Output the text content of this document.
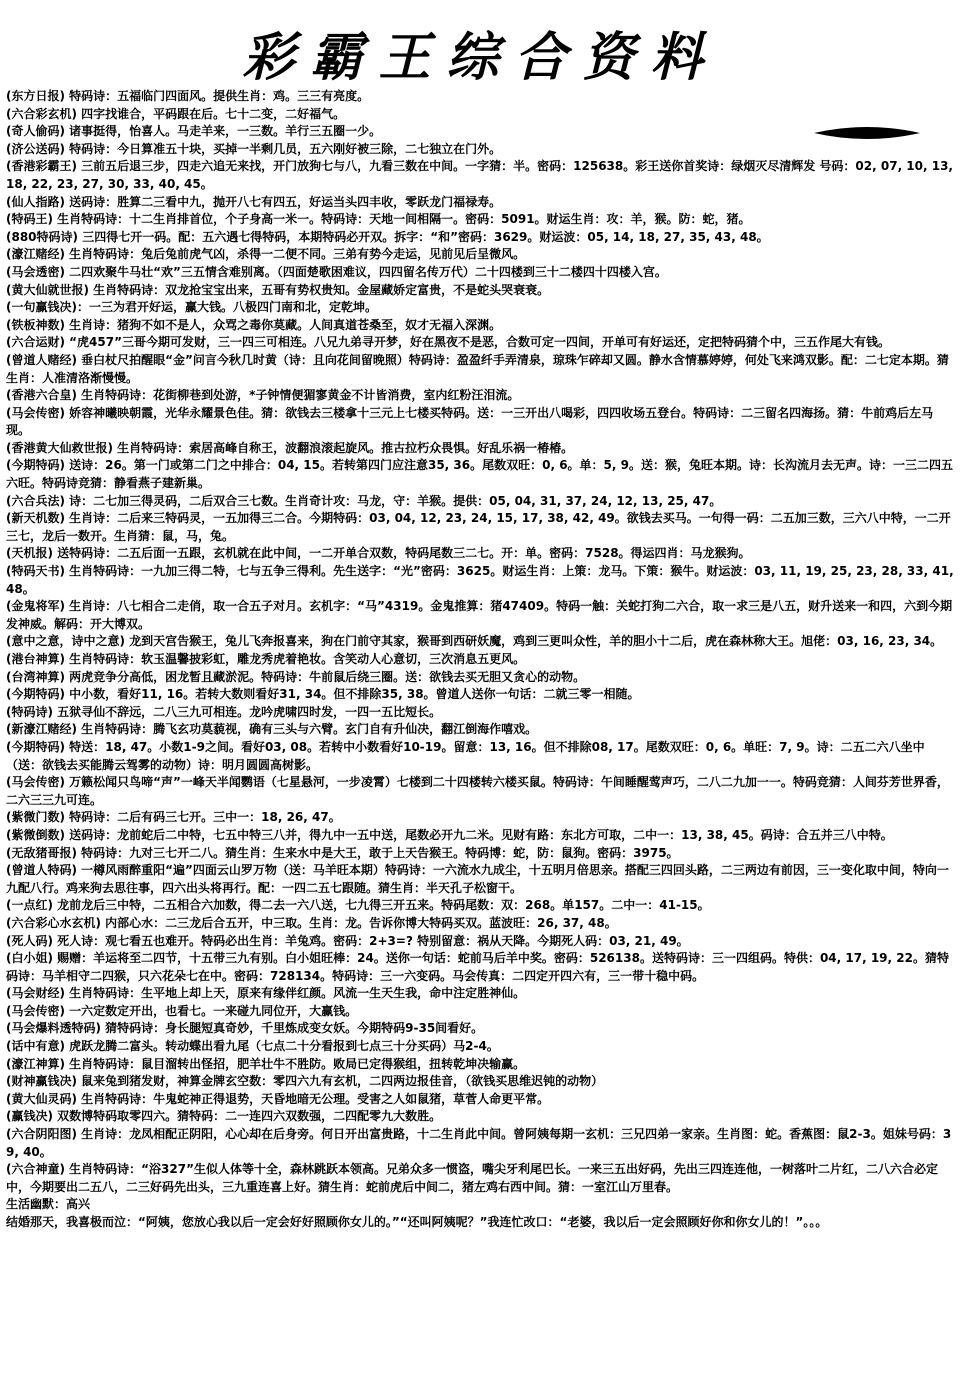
彩霸王综合资料

(东方日报) 特码诗：五福临门四面风。提供生肖：鸡。三三有亮度。

(六合彩玄机) 四字找谁合，平码跟在后。七十二变，二好福气。

(奇人偷码) 诸事挺得，怡喜人。马走羊来，一三数。羊行三五圈一少。

(济公送码) 特码诗：今日算准五十块，买掉一半剩几员，五六刚好被三除，二七独立在门外。

(香港彩霸王) 三前五后退三步，四走六追无来找，开门放狗七与八，九看三数在中间。一字猜：半。密码：125638。彩王送你首奖诗：绿烟灭尽清辉发 号码：02, 07, 10, 13, 18, 22, 23, 27, 30, 33, 40, 45。

(仙人指路) 送码诗：胜算二三看中九，抛开八七有四五，好运当头四丰收，零跃龙门福禄寿。

(特码王) 生肖特码诗：十二生肖排首位，个子身高一米一。特码诗：天地一间相隔一。密码：5091。财运生肖：攻：羊，猴。防：蛇，猪。

(880特码诗) 三四得七开一码。配：五六遇七得特码，本期特码必开双。拆字：“和”密码：3629。财运波：05, 14, 18, 27, 35, 43, 48。

(濠江赌经) 生肖特码诗：兔后兔前虎气凶，杀得一二便不同。三弟有势今走运，见前见后呈微风。

(马会透密) 二四欢聚牛马壮“欢”三五情含难别离。（四面楚歌困难议，四四留名传万代）二十四楼到三十二楼四十四楼入宫。

(黄大仙就世报) 生肖特码诗：双龙抢宝宝出来，五哥有势权贵知。金屋藏娇定富贵，不是蛇头哭衰衰。

(一句赢钱决)：一三为君开好运，赢大钱。八极四门南和北，定乾坤。

(铁板神数) 生肖诗：猪狗不如不是人，众骂之毒你莫藏。人间真道苍桑至，奴才无福入深渊。

(六合运财) “虎457”三哥今期可发财，三一四三可相连。八兄九弟寻开梦，好在黑夜不是恶，合数可定一四间，开单可有好运还，定把特码猜个中，三五作尾大有钱。

(曾道人赌经) 垂白杖尺拍醒眼“金”问言今秋几时黄（诗：且向花间留晚照）特码诗：盈盈纤手弄清泉，琼珠乍碎却又圆。静水含情慕婷婷，何处飞来鸿双影。配：二七定本期。猜生肖：人准清洛渐慢慢。

(香港六合皇) 生肖特码诗：花街柳巷到处游，*子钟情便猸寥黄金不计皆消费，室内红粉汪泪流。

(马会传密) 娇容神曦映朝霞，光华永耀景色佳。猜：欲钱去三楼拿十三元上七楼买特码。送：一三开出八喝彩，四四收场五登台。特码诗：二三留名四海扬。猜：牛前鸡后左马现。

(香港黄大仙救世报) 生肖特码诗：索居高峰自称王，波翻浪滚起旋风。推古拉朽众畏惧。好乱乐祸一椿椿。

(今期特码) 送诗：26。第一门或第二门之中排合：04, 15。若转第四门应注意35, 36。尾数双旺：0, 6。单：5, 9。送：猴，兔旺本期。诗：长沟流月去无声。诗：一三二四五六旺。特码诗竞猜：静看燕子建新巢。

(六合兵法) 诗：二七加三得灵码，二后双合三七数。生肖奇计攻：马龙，守：羊猴。提供：05, 04, 31, 37, 24, 12, 13, 25, 47。

(新天机数) 生肖诗：二后来三特码灵，一五加得三二合。今期特码：03, 04, 12, 23, 24, 15, 17, 38, 42, 49。欲钱去买马。一句得一码：二五加三数，三六八中特，一二开三七，龙后一数开。生肖猜：鼠，马，兔。

(天机报) 送特码诗：二五后面一五跟，玄机就在此中间，一二开单合双数，特码尾数三二七。开：单。密码：7528。得运四肖：马龙猴狗。

(特码天书) 生肖特码诗：一九加三得二特，七与五争三得利。先生送字：“光”密码：3625。财运生肖：上策：龙马。下策：猴牛。财运波：03, 11, 19, 25, 23, 28, 33, 41, 48。

(金鬼将军) 生肖诗：八七相合二走俏，取一合五子对月。玄机字：“马”4319。金鬼推算：猪47409。特码一触：关蛇打狗二六合，取一求三是八五，财升送来一和四，六到今期发神威。解码：开大博双。

(意中之意，诗中之意) 龙到天宫告猴王，兔儿飞奔报喜来，狗在门前守其家，猴哥到西研妖魔，鸡到三更叫众性，羊的胆小十二后，虎在森林称大王。旭佬：03, 16, 23, 34。

(港台神算) 生肖特码诗：软玉温馨披彩虹，雕龙秀虎着艳妆。含笑动人心意切，三次消息五更风。

(台湾神算) 两虎竞争分高低，困龙暂且藏淤泥。特码诗：牛前鼠后绕三圈。送：欲钱去买无胆又贪心的动物。

(今期特码) 中小数，看好11, 16。若转大数则看好31, 34。但不排除35, 38。曾道人送你一句话：二就三零一相随。

(特码诗) 五狱寻仙不辞远，二八三九可相连。龙吟虎啸四时发，一四一五比短长。

(新濠江赌经) 生肖特码诗：腾飞玄功莫藐视，确有三头与六臂。玄门自有升仙决，翻江倒海作嘻戏。

(今期特码) 特送：18, 47。小数1-9之间。看好03, 08。若转中小数看好10-19。留意：13, 16。但不排除08, 17。尾数双旺：0, 6。单旺：7, 9。诗：二五二六八坐中（送：欲钱去买能腾云驾雾的动物）诗：明月圆圆高树影。

(马会传密) 万籁松闻只鸟啼“声”一峰天半闻鹦语（七星悬河，一步凌霄）七楼到二十四楼转六楼买鼠。特码诗：午间睡醒莺声巧，二八二九加一一。特码竞猜：人间芬芳世界香，二六三三九可连。

(紫微门数) 特码诗：二后有码三七开。三中一：18, 26, 47。

(紫微倒数) 送码诗：龙前蛇后二中特，七五中特三八并，得九中一五中送，尾数必开九二米。见财有路：东北方可取，二中一：13, 38, 45。码诗：合五并三八中特。

(无敌猪哥报) 特码诗：九对三七开二八。猜生肖：生来水中是大王，敢于上天告猴王。特码博：蛇，防：鼠狗。密码：3975。

(曾道人特码) 一樽风雨醉重阳“遍”四面云山罗万物（送：马羊旺本期）特码诗：一六流水九成尘，十五明月倍思亲。搭配三四回头路，二三两边有前因，三一变化取中间，特向一九配八行。鸡来狗去思往事，四六出头将再行。配：一四二五七跟随。猜生肖：半天孔子松窗干。

(一点红) 龙前龙后三中特，二五相合六加数，得二去一六八送，七九得三开五来。特码尾数：双：268。单157。二中一：41-15。

(六合彩心水玄机) 内部心水：二三龙后合五开，中三取。生肖：龙。告诉你博大特码买双。蓝波旺：26, 37, 48。

(死人码) 死人诗：观七看五也难开。特码必出生肖：羊兔鸡。密码：2+3=? 特别留意：祸从天降。今期死人码：03, 21, 49。

(白小姐) 赐赠：羊运将至二四节，十五带三九有别。白小姐旺棒：24。送你一句话：蛇前马后羊中奖。密码：526138。送特码诗：三一四组码。特供：04, 17, 19, 22。猜特码诗：马羊相守二四猴，只六花朵七在中。密码：728134。特码诗：三一六变码。马会传真：二四定开四六有，三一带十稳中码。

(马会财经) 生肖特码诗：生平地上却上天，原来有缘伴红颜。风流一生天生我，命中注定胜神仙。

(马会传密) 一六定数定开出，也看七。一来碰九同位开，大赢钱。

(马会爆料透特码) 猜特码诗：身长腿短真奇妙，千里炼成变女妖。今期特码9-35间看好。

(话中有意) 虎跃龙腾二富头。转动蝶出看九尾（七点二十分看报到七点三十分买码）马2-4。

(濠江神算) 生肖特码诗：鼠目溜转出怪招，肥羊壮牛不胜防。败局已定得猴组，扭转乾坤决输赢。

(财神赢钱决) 鼠来兔到猪发财，神算金牌玄空数：零四六九有玄机，二四两边报佳音，（欲钱买思维迟钝的动物）

(黄大仙灵码) 生肖特码诗：牛鬼蛇神正得退势，天昏地暗无公理。受害之人如鼠猪，草菅人命更平常。

(赢钱决) 双数博特码取零四六。猜特码：二一连四六双数强，二四配零九大数胜。

(六合阴阳图) 生肖诗：龙凤相配正阴阳，心心却在后身旁。何日开出富贵路，十二生肖此中间。曾阿姨每期一玄机：三兄四弟一家亲。生肖图：蛇。香蕉图：鼠2-3。姐妹号码：39, 40。

(六合神童) 生肖特码诗：“浴327”生似人体等十全，森林跳跃本领高。兄弟众多一惯盗，嘴尖牙利尾巴长。一来三五出好码，先出三四连连他，一树落叶二片红，二八六合必定中，今期要出二五八，二三好码先出头，三九重连喜上好。猜生肖：蛇前虎后中间二，猪左鸡右西中间。猜：一室江山万里春。

生活幽默：高兴

结婚那天，我喜极而泣：“阿姨，您放心我以后一定会好好照顾你女儿的。”“还叫阿姨呢？”我连忙改口：“老婆，我以后一定会照顾好你和你女儿的！”。。。
